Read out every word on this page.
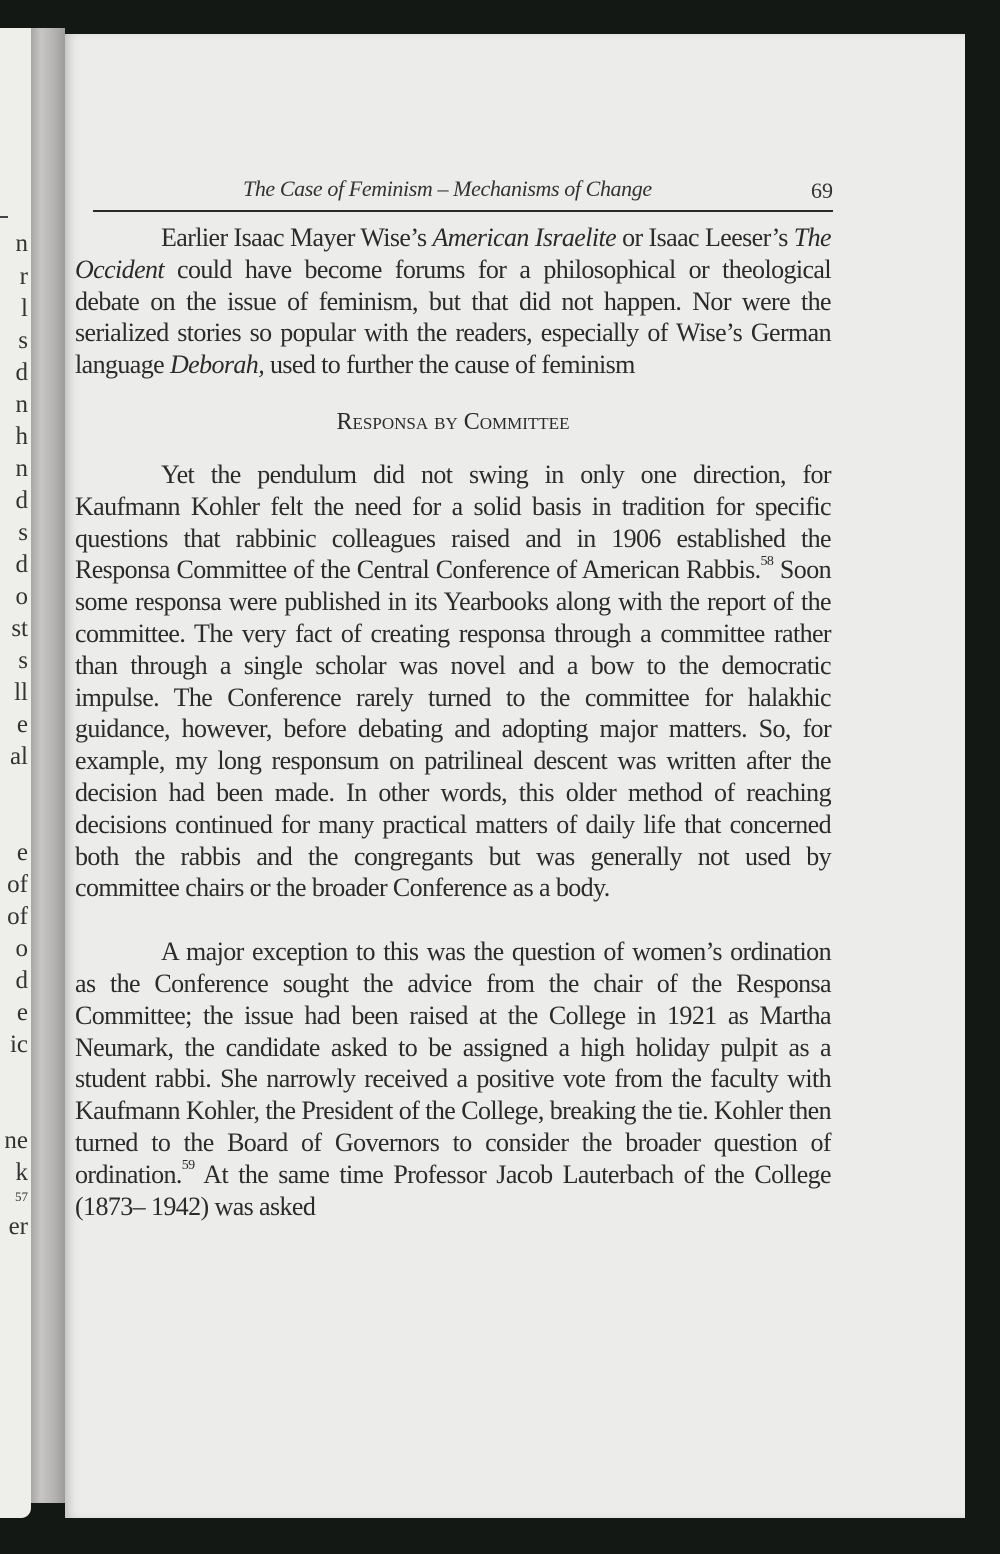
n
r
l
s
d
n
h
n
d
s
d
o
st
s
ll
e
al
e
of
of
o
d
e
ic
ne
k
57
er
The Case of Feminism – Mechanisms of Change	69

Earlier Isaac Mayer Wise’s American Israelite or Isaac Leeser’s The Occident could have become forums for a philosophical or theological debate on the issue of feminism, but that did not happen. Nor were the serialized stories so popular with the readers, especially of Wise’s German language Deborah, used to further the cause of feminism

Responsa by Committee

Yet the pendulum did not swing in only one direction, for Kaufmann Kohler felt the need for a solid basis in tradition for specific questions that rabbinic colleagues raised and in 1906 established the Responsa Committee of the Central Conference of American Rabbis.$^{58}$ Soon some responsa were published in its Yearbooks along with the report of the committee. The very fact of creating responsa through a committee rather than through a single scholar was novel and a bow to the democratic impulse. The Conference rarely turned to the committee for halakhic guidance, however, before debating and adopting major matters. So, for example, my long responsum on patrilineal descent was written after the decision had been made. In other words, this older method of reaching decisions continued for many practical matters of daily life that concerned both the rabbis and the congregants but was generally not used by committee chairs or the broader Conference as a body.

A major exception to this was the question of women’s ordination as the Conference sought the advice from the chair of the Responsa Committee; the issue had been raised at the College in 1921 as Martha Neumark, the candidate asked to be assigned a high holiday pulpit as a student rabbi. She narrowly received a positive vote from the faculty with Kaufmann Kohler, the President of the College, breaking the tie. Kohler then turned to the Board of Governors to consider the broader question of ordination.$^{59}$ At the same time Professor Jacob Lauterbach of the College (1873– 1942) was asked
